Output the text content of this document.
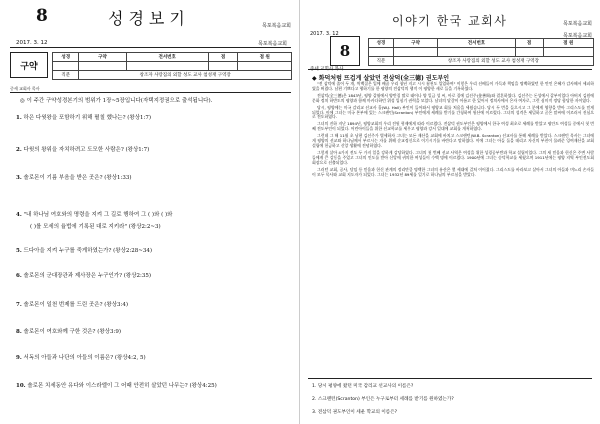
8	성경보기	목포복음교회
2017. 3. 12	목포복음교회
구약
성경	구약	전서번호	점	점 원

직분	창조자 사랑집의 외할 성도 교사 첨성재 구역장			
중세 교회사 목사
◎ 이 주간 구약성경본기의 범위가 1장~5장입니다(자택지정권으로 출석됩니다).
1. 하은 다윗왕을 포함하기 위해 펼칠 했나는? (왕상1:7)
2. 다윗의 왕위을 자치하려고 도모한 사람은? (왕상1:7)
3. 솔로몬이 기름 부음을 받은 곳은? (왕상1:33)
4. "내 하나님 여호와의 명령을 지켜 그 길로 행하여 그 ( )와 ( )와
( )를 모세의 율법에 기록된 대로 지키라" (왕상2:2~3)
5. 드다아을 지켜 누구를 죽게하였는가? (왕상2:28~34)
6. 솔로몬의 군대장관과 제사장은 누구인가? (왕상2:35)
7. 솔로몬이 일천 번제를 드린 곳은? (왕상3:4)
8. 솔로몬이 여호와께 구한 것은? (왕상3:9)
9. 서독의 아들과 나단의 아들의 이름은? (왕상4:2, 5)
10. 솔로몬 치세동안 유다와 이스라엘이 그 어때 안전히 살았던 나무는? (왕상4:25)
이야기 한국 교회사	목포복음교회
2017. 3. 12	목포복음교회
8	성경	구약	전서번호	점	점 원

직분	창조자 사랑집의 외할 성도 교사 첨성재 구역장			
중세 교회사 목사
◆ 화덕처럼 뜨겁게 살았던 전삼덕(全三德) 권도부인

"전 삼덕에 줄어 두 개, 씩백질은 입에 배꿈 우리 청년 지고 시시 첨천도 입었하여" 이렇은 우리 선배들이 가득과 책임을 명백하였던 한 만인 은혜가 감사해서 세피하였을 버렸다. 남편 기쁘다고 행하기를 한 평양의 전삼덕의 행적 이 평양한 새로 들을 기록하였다.

전삼덕(全三德)은 1843년, 평양 갑월에서 양반집 딸로 태어나 양 일금 성 씨, 아로 집에 김선주(金善周)와 결혼하였다. 김선주는 돈성에서 갑부이었다 아버지 김원에 문화 정치 하반도의 평양과 함께 마카다하던 위성 입심기 권력을 모았다. 남녀의 달걀이 아름고 한 있어서 정치사에서 은자 여자로, 그런 심미적 정당 합당한 자이였다.

당시, 평양에는 미국 감리교 선교사 홀(W.J. Hall) 부인이 들어와서 평양교 회를 처음을 세웠습니다. 당시 두 번을 들으시고 그 분에게 영향을 받아 그리스도를 믿게 되었다. 이에 그녀는 미국 본부에 있는 스크랜턴(Scranton) 부인에게 세례를 받기를 간청하여 원산에 이르렀다. 그녀의 성격은 세밀하고 곧은 말씨에 이르러서 진심으로 전도하였다.

그녀의 진하 지난 1894년, 평양교회의 우리 전원 형제에게 따라 이르렀다. 전삼덕 권도부인은 평양에서 한국 여성 최초로 세례를 받았고 평안도 여성들 중에서 첫 번째 전도부인이 되었다. 어린아이들을 위한 선교학교를 세우고 평양과 강서 일대에 교회를 개척하였다.

그런데 그 해 11월 초 남편 김선주가 별세하자 그녀는 모든 재산을 교회에 바치고 스크랜턴(W.B. Scranton) 선교사를 통해 세례를 받았다. 스크랜턴 목사는 그녀에게 평양의 선교와 하나님께서 부르시는 자를 위해 순교정신으로 이기시기를 바란다고 말하였다. 이에 그녀는 아들 둘을 데리고 자신의 부친이 물려준 잉여재산을 교회 설립에 헌금하고 신앙 생활에 전념하였다.

그렇게 살아 4가지 전도 두 가지 일을 강하게 감당하였다. 그녀의 첫 번째 선교 사역은 여성을 위한 성경공부반과 학교 설립이었다. 그의 새 믿음과 헌신은 주변 사람들에게 큰 감동을 주었고 그녀의 인도를 받아 신앙에 귀의한 여성들이 수백 명에 이르렀다. 1900년에 그녀는 숭덕학교를 세웠으며 1911년에는 평양 지역 부인전도회 회장으로 선출되었다.

그러던 교회, 공사, 담임 등 믿음과 헌신 관계의 정리만큼 명백한 그녀의 유산은 몇 세대에 걸쳐 이어졌다. 그리스도를 바라보고 살아서 그녀의 아들과 며느리 손자들이 모두 목사와 교회 지도자가 되었다. 그녀는 1932년 89세를 일기로 하나님의 부르심을 받았다.

1. 당시 평양에 왔던 미국 감리교 선교사의 이름은?
2. 스크랜턴(Scranton) 부인은 누구로부터 세례를 받기를 원하였는가?
3. 전삼덕 권도부인이 세운 학교의 이름은?
